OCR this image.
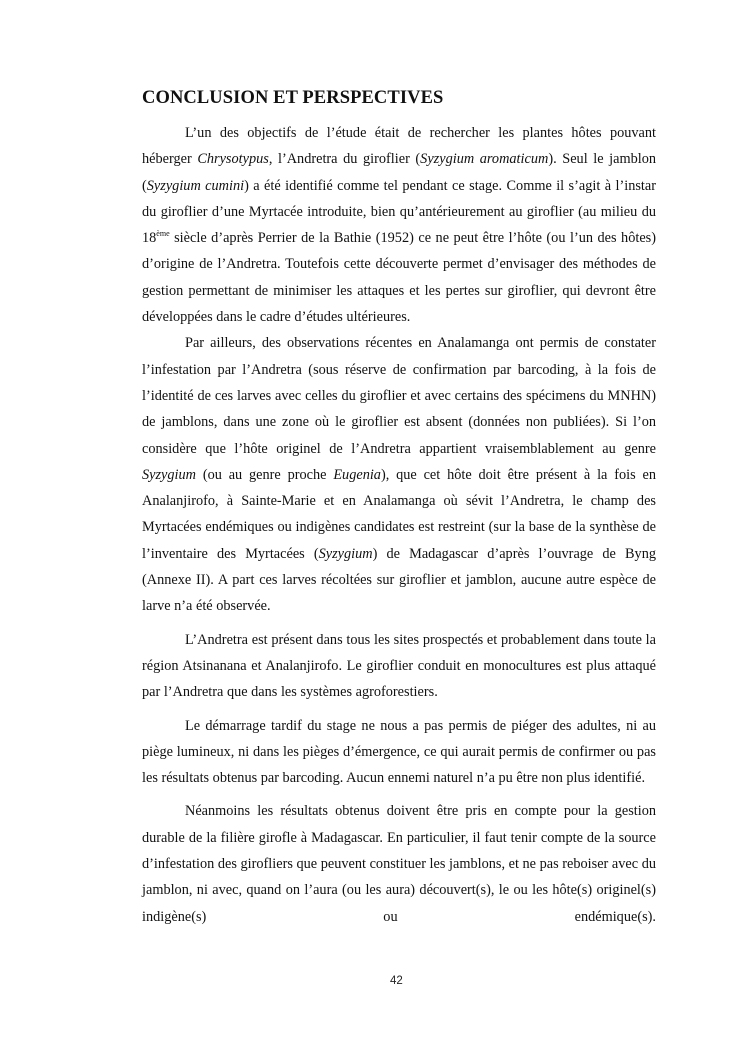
CONCLUSION ET PERSPECTIVES

L’un des objectifs de l’étude était de rechercher les plantes hôtes pouvant héberger Chrysotypus, l’Andretra du giroflier (Syzygium aromaticum). Seul le jamblon (Syzygium cumini) a été identifié comme tel pendant ce stage. Comme il s’agit à l’instar du giroflier d’une Myrtacée introduite, bien qu’antérieurement au giroflier (au milieu du 18ème siècle d’après Perrier de la Bathie (1952) ce ne peut être l’hôte (ou l’un des hôtes) d’origine de l’Andretra. Toutefois cette découverte permet d’envisager des méthodes de gestion permettant de minimiser les attaques et les pertes sur giroflier, qui devront être développées dans le cadre d’études ultérieures.

Par ailleurs, des observations récentes en Analamanga ont permis de constater l’infestation par l’Andretra (sous réserve de confirmation par barcoding, à la fois de l’identité de ces larves avec celles du giroflier et avec certains des spécimens du MNHN) de jamblons, dans une zone où le giroflier est absent (données non publiées). Si l’on considère que l’hôte originel de l’Andretra appartient vraisemblablement au genre Syzygium (ou au genre proche Eugenia), que cet hôte doit être présent à la fois en Analanjirofo, à Sainte-Marie et en Analamanga où sévit l’Andretra, le champ des Myrtacées endémiques ou indigènes candidates est restreint (sur la base de la synthèse de l’inventaire des Myrtacées (Syzygium) de Madagascar d’après l’ouvrage de Byng (Annexe II). A part ces larves récoltées sur giroflier et jamblon, aucune autre espèce de larve n’a été observée.

L’Andretra est présent dans tous les sites prospectés et probablement dans toute la région Atsinanana et Analanjirofo. Le giroflier conduit en monocultures est plus attaqué par l’Andretra que dans les systèmes agroforestiers.

Le démarrage tardif du stage ne nous a pas permis de piéger des adultes, ni au piège lumineux, ni dans les pièges d’émergence, ce qui aurait permis de confirmer ou pas les résultats obtenus par barcoding. Aucun ennemi naturel n’a pu être non plus identifié.

Néanmoins les résultats obtenus doivent être pris en compte pour la gestion durable de la filière girofle à Madagascar. En particulier, il faut tenir compte de la source d’infestation des girofliers que peuvent constituer les jamblons, et ne pas reboiser avec du jamblon, ni avec, quand on l’aura (ou les aura) découvert(s), le ou les hôte(s) originel(s) indigène(s) ou endémique(s).

42
